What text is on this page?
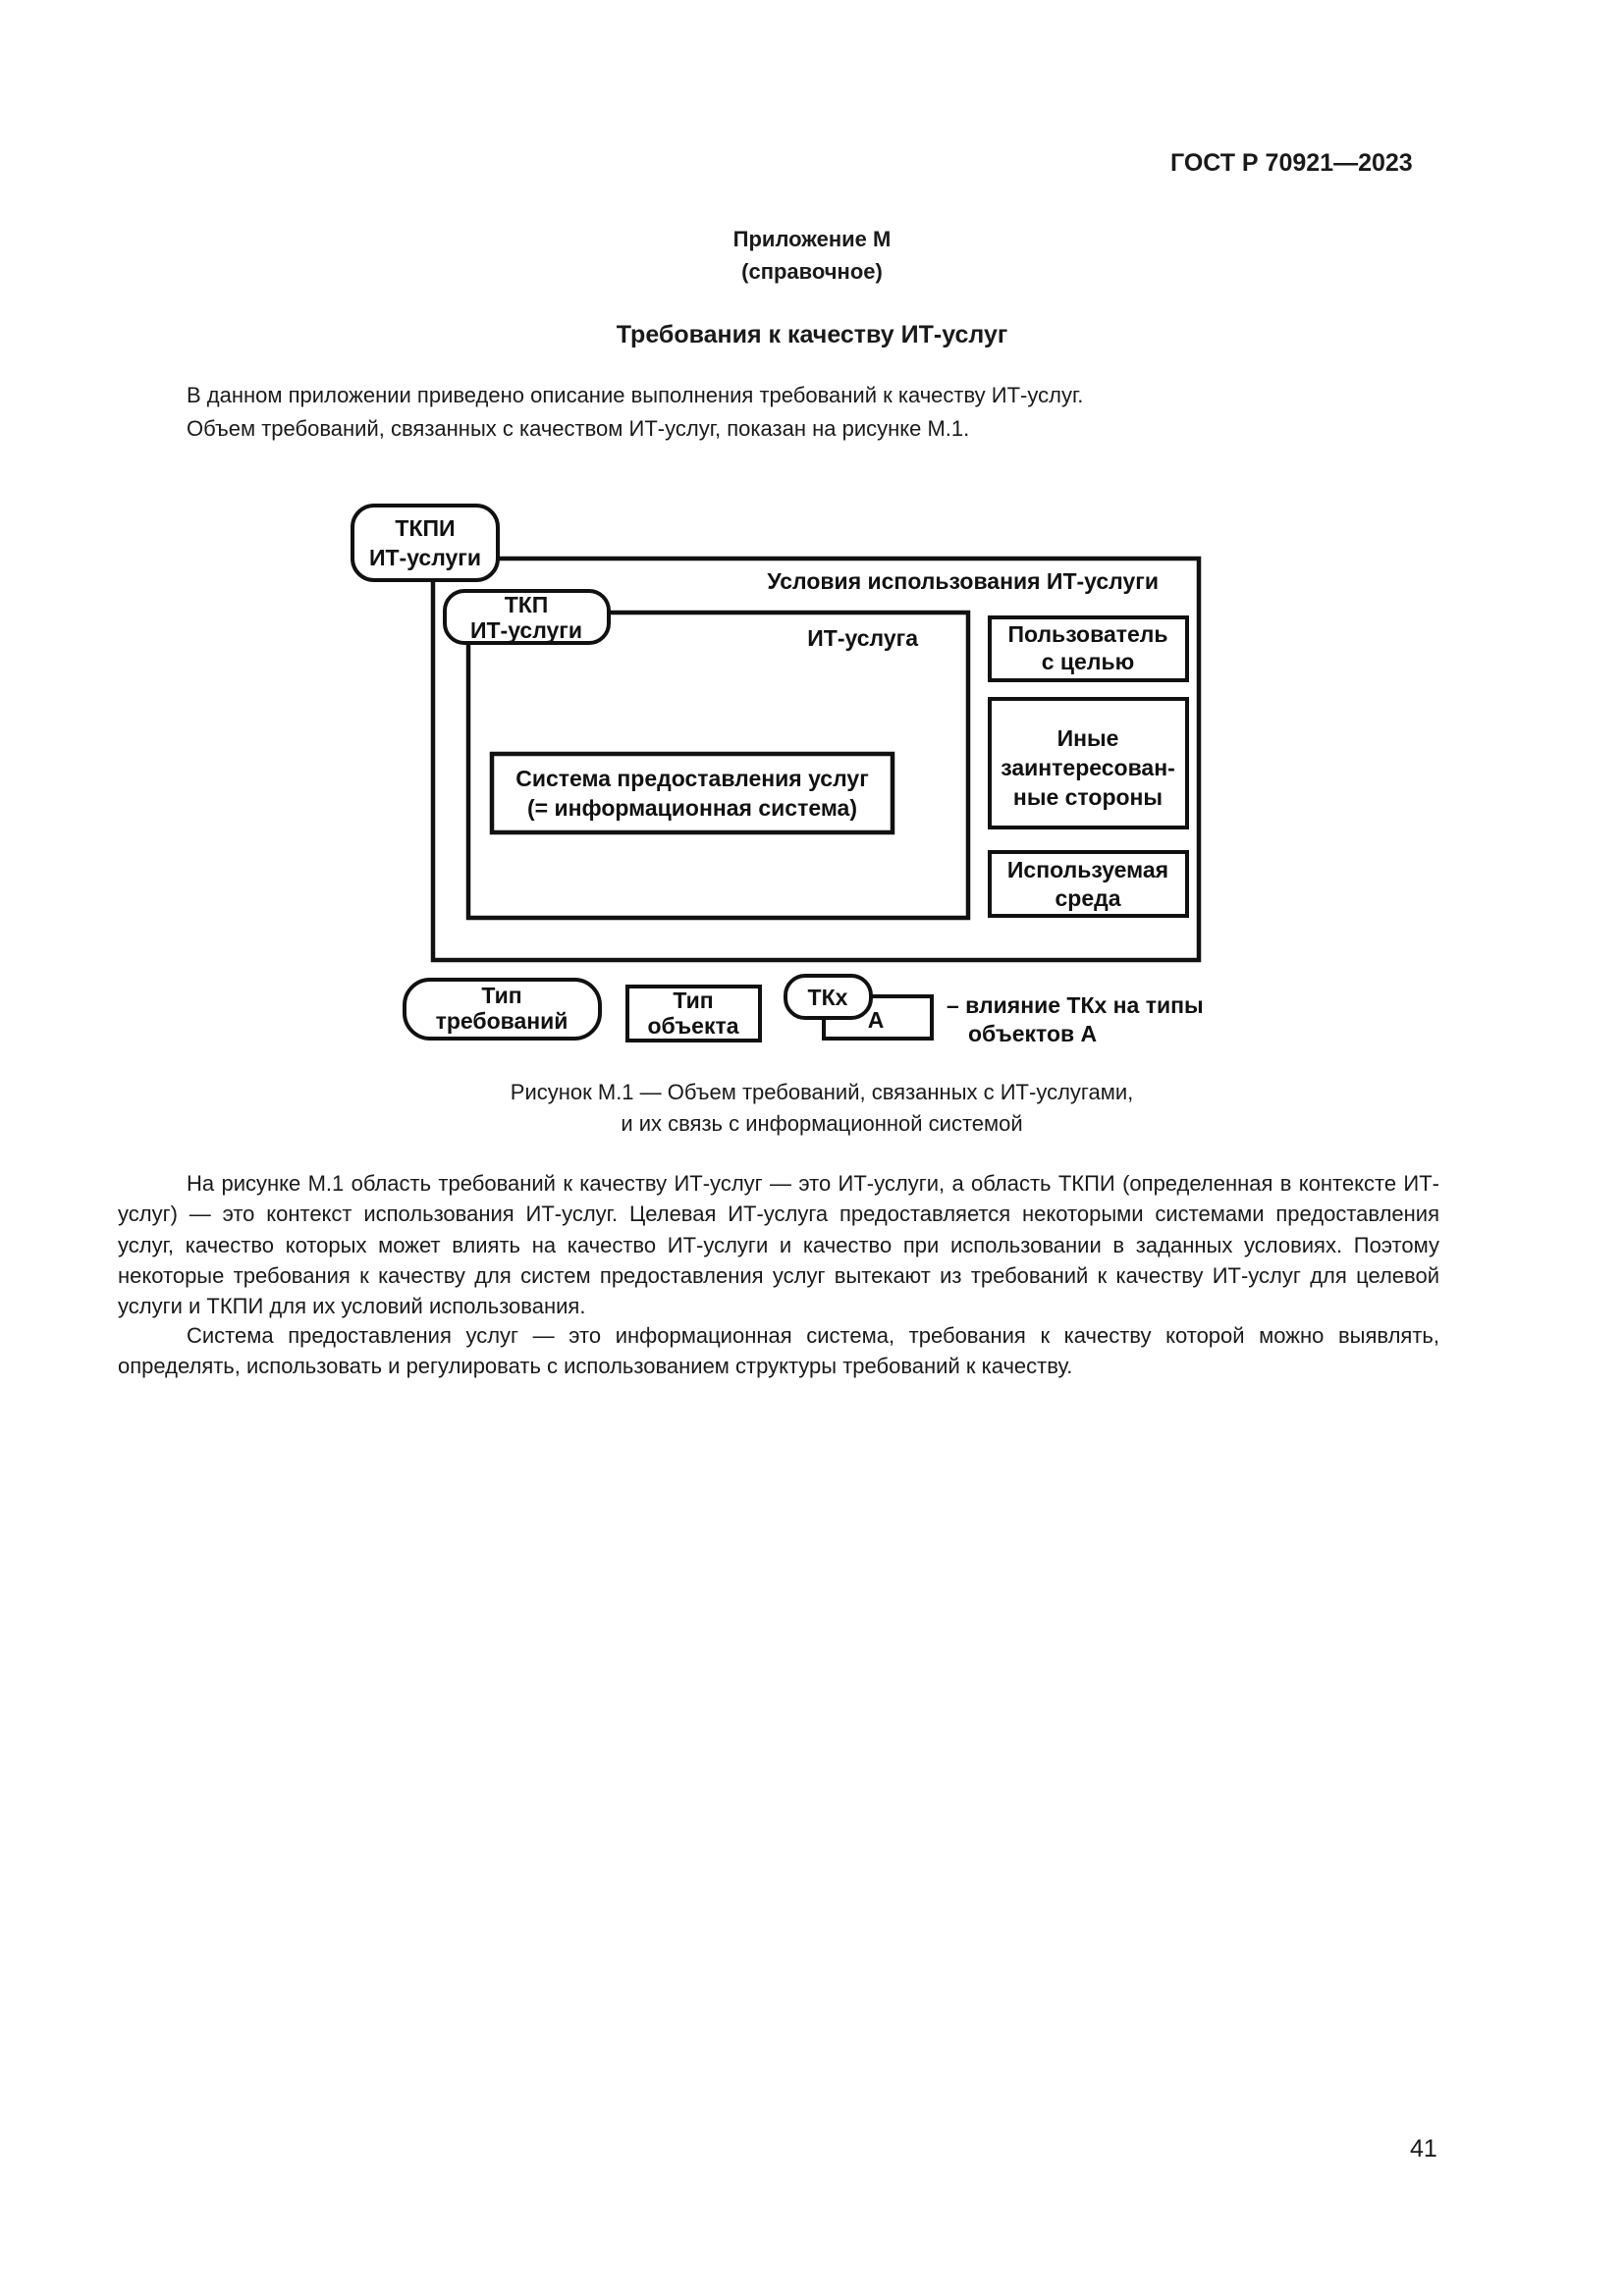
ГОСТ Р 70921—2023
Приложение М
(справочное)
Требования к качеству ИТ-услуг
В данном приложении приведено описание выполнения требований к качеству ИТ-услуг.
Объем требований, связанных с качеством ИТ-услуг, показан на рисунке М.1.
Условия использования ИТ-услуги
ТКПИ
ИТ-услуги
ИТ-услуга
ТКП
ИТ-услуги
Система предоставления услуг
(= информационная система)
Пользователь
с целью
Иные
заинтересован-
ные стороны
Используемая
среда
Тип
требований
Тип
объекта	А
ТКх	– влияние ТКх на типы
объектов А
Рисунок М.1 — Объем требований, связанных с ИТ-услугами,
и их связь с информационной системой

На рисунке М.1 область требований к качеству ИТ-услуг — это ИТ-услуги, а область ТКПИ (определенная в контексте ИТ-услуг) — это контекст использования ИТ-услуг. Целевая ИТ-услуга предоставляется некоторыми системами предоставления услуг, качество которых может влиять на качество ИТ-услуги и качество при использовании в заданных условиях. Поэтому некоторые требования к качеству для систем предоставления услуг вытекают из требований к качеству ИТ-услуг для целевой услуги и ТКПИ для их условий использования.

Система предоставления услуг — это информационная система, требования к качеству которой можно выявлять, определять, использовать и регулировать с использованием структуры требований к качеству.

41
